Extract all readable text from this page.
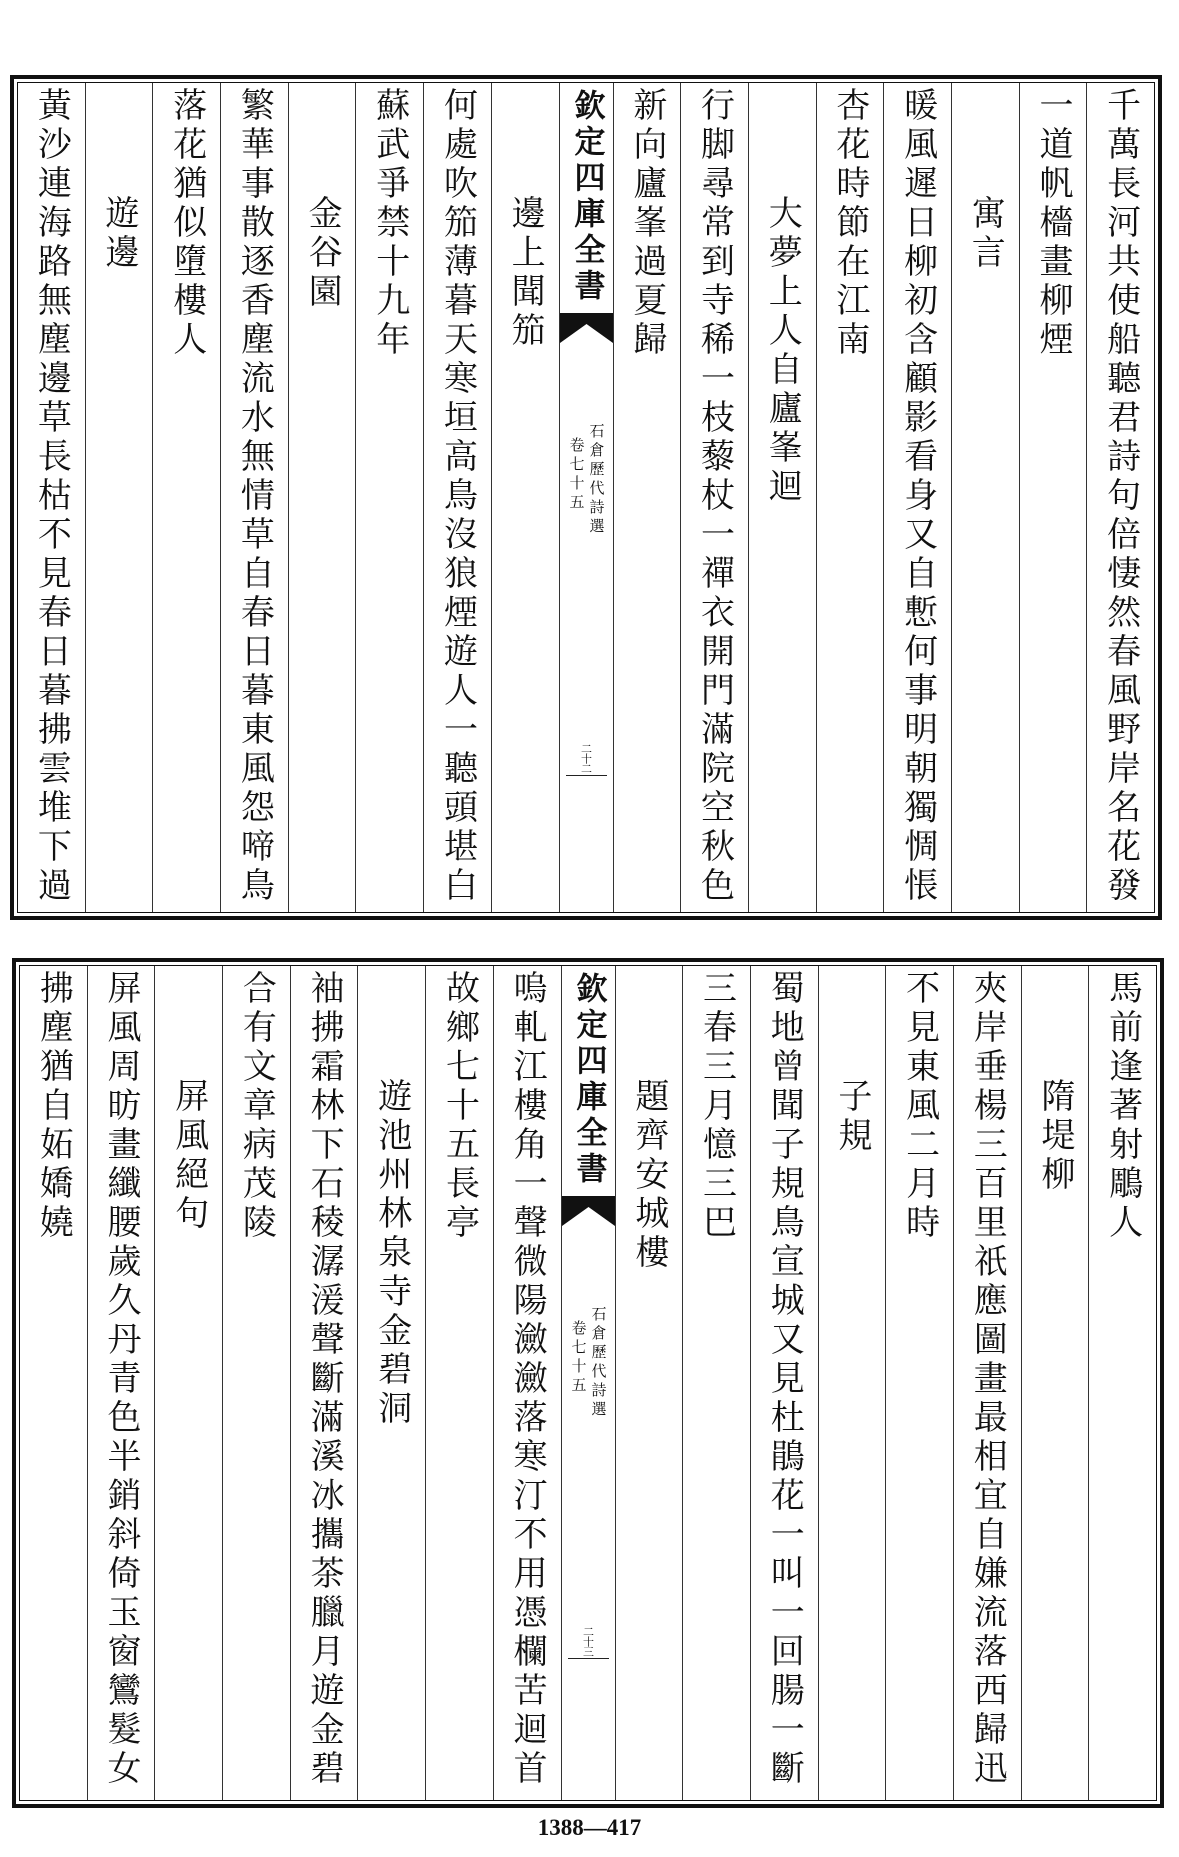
千萬長河共使船聽君詩句倍悽然春風野岸名花發
一道帆檣畫柳煙
寓言
暖風遲日柳初含顧影看身又自慙何事明朝獨惆悵
杏花時節在江南
大夢上人自廬峯迴
行脚尋常到寺稀一枝藜杖一禪衣開門滿院空秋色
新向廬峯過夏歸
欽定四庫全書
石倉歷代詩選
卷七十五
二十二
邊上聞笳
何處吹笳薄暮天寒垣高鳥沒狼煙遊人一聽頭堪白
蘇武爭禁十九年
金谷園
繁華事散逐香塵流水無情草自春日暮東風怨啼鳥
落花猶似墮樓人
遊邊
黃沙連海路無塵邊草長枯不見春日暮拂雲堆下過
馬前逢著射鵰人
隋堤柳
夾岸垂楊三百里祇應圖畫最相宜自嫌流落西歸迅
不見東風二月時
子規
蜀地曾聞子規鳥宣城又見杜鵑花一叫一回腸一斷
三春三月憶三巴
題齊安城樓
欽定四庫全書
石倉歷代詩選
卷七十五
二十三
嗚軋江樓角一聲微陽瀲瀲落寒汀不用憑欄苦迴首
故鄉七十五長亭
遊池州林泉寺金碧洞
袖拂霜林下石稜潺湲聲斷滿溪冰攜茶臘月遊金碧
合有文章病茂陵
屏風絕句
屏風周昉畫纖腰歲久丹青色半銷斜倚玉窗鸞髮女
拂塵猶自妬嬌嬈
1388—417
